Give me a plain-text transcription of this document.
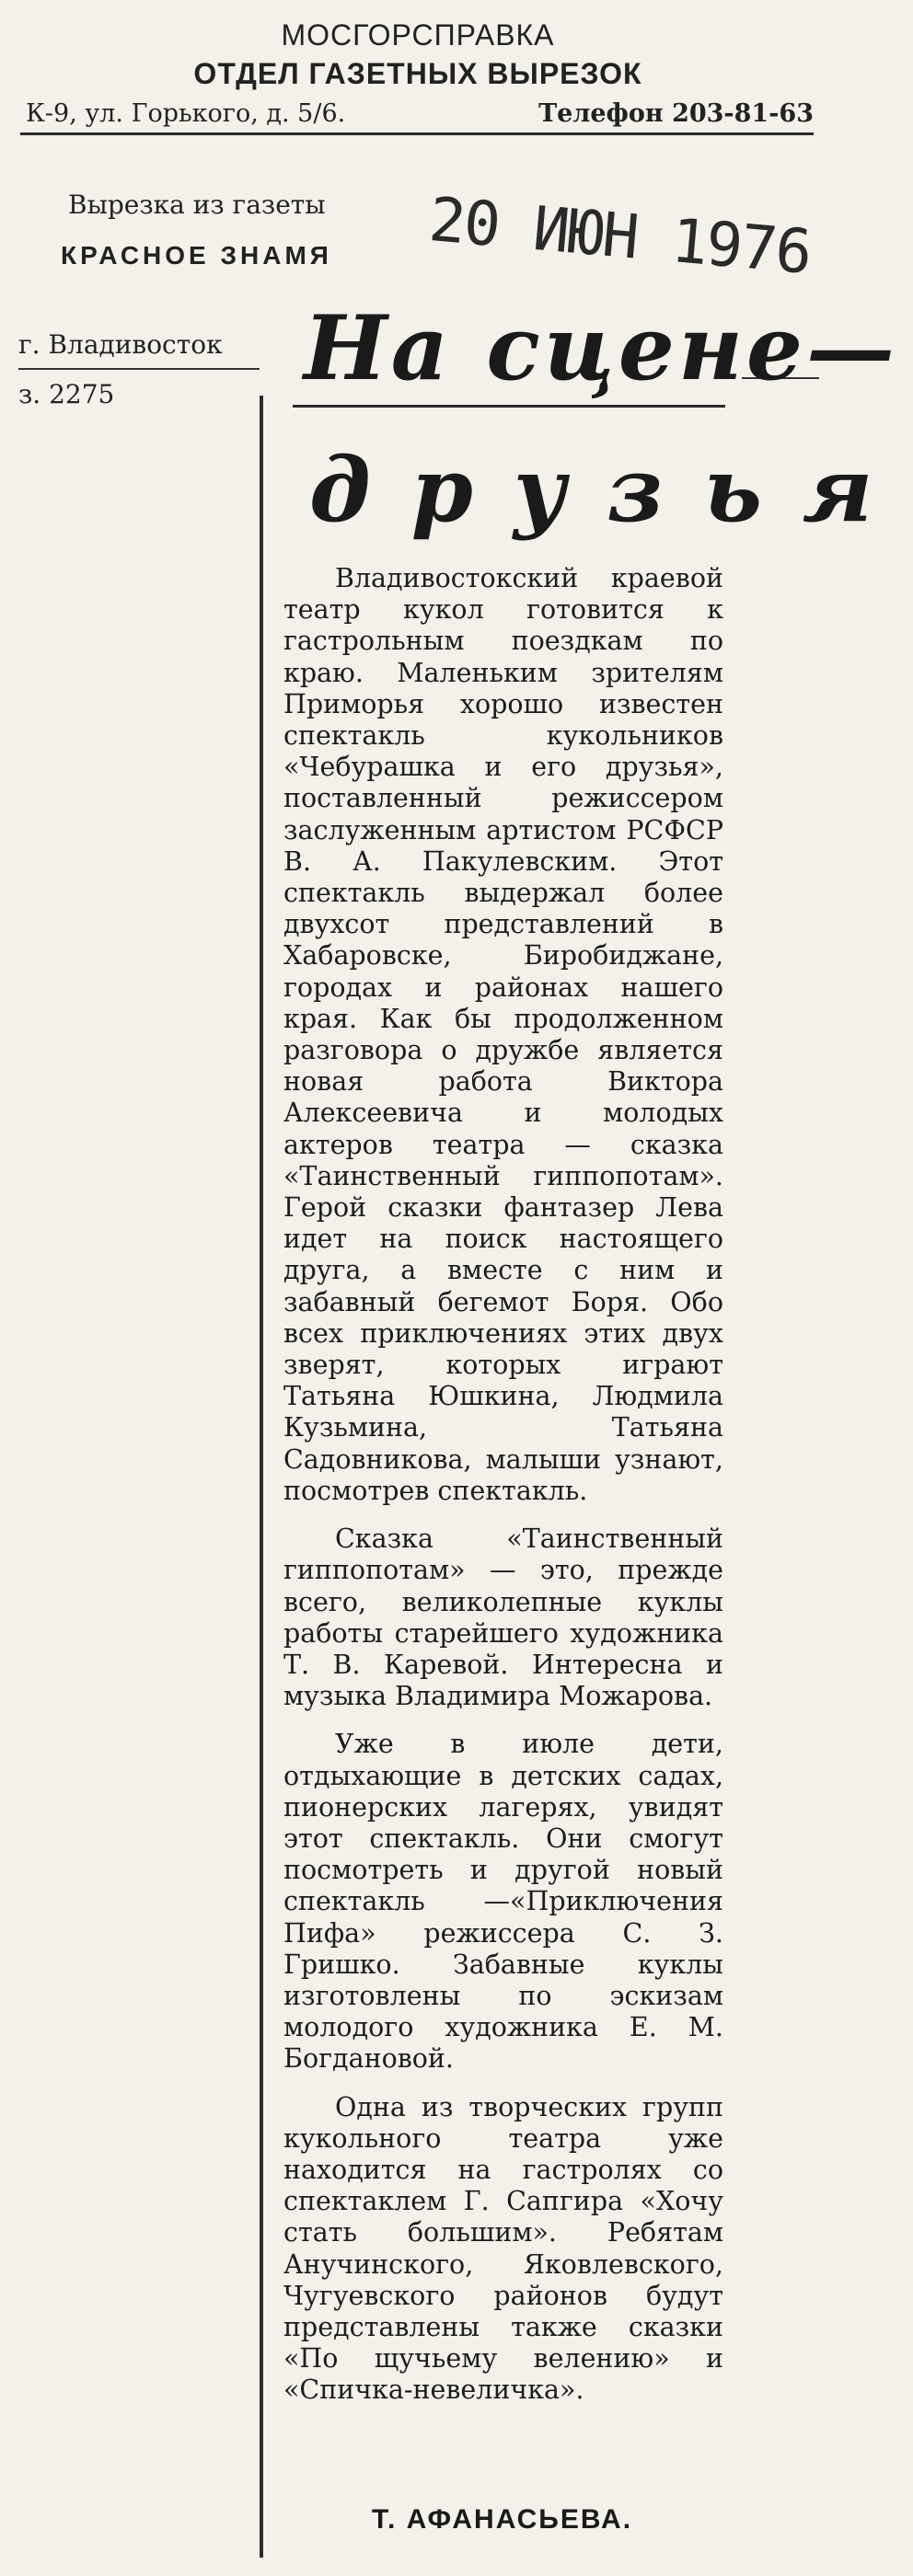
МОСГОРСПРАВКА
ОТДЕЛ ГАЗЕТНЫХ ВЫРЕЗОК
К-9, ул. Горького, д. 5/6.	Телефон 203-81-63
Вырезка из газеты
КРАСНОЕ ЗНАМЯ 20 ИЮН 1976
г. Владивосток
з. 2275 На сцене—
друзья

Владивостокский краевой театр кукол готовится к гастрольным поездкам по краю. Маленьким зрителям Приморья хорошо известен спектакль кукольников «Чебурашка и его друзья», поставленный режиссером заслуженным артистом РСФСР В. А. Пакулевским. Этот спектакль выдержал более двухсот представлений в Хабаровске, Биробиджане, городах и районах нашего края. Как бы продолженном разговора о дружбе является новая работа Виктора Алексеевича и молодых актеров театра — сказка «Таинственный гиппопотам». Герой сказки фантазер Лева идет на поиск настоящего друга, а вместе с ним и забавный бегемот Боря. Обо всех приключениях этих двух зверят, которых играют Татьяна Юшкина, Людмила Кузьмина, Татьяна Садовникова, малыши узнают, посмотрев спектакль.

Сказка «Таинственный гиппопотам» — это, прежде всего, великолепные куклы работы старейшего художника Т. В. Каревой. Интересна и музыка Владимира Можарова.

Уже в июле дети, отдыхающие в детских садах, пионерских лагерях, увидят этот спектакль. Они смогут посмотреть и другой новый спектакль —«Приключения Пифа» режиссера С. З. Гришко. Забавные куклы изготовлены по эскизам молодого художника Е. М. Богдановой.

Одна из творческих групп кукольного театра уже находится на гастролях со спектаклем Г. Сапгира «Хочу стать большим». Ребятам Анучинского, Яковлевского, Чугуевского районов будут представлены также сказки «По щучьему велению» и «Спичка-невеличка».

Т. АФАНАСЬЕВА.
